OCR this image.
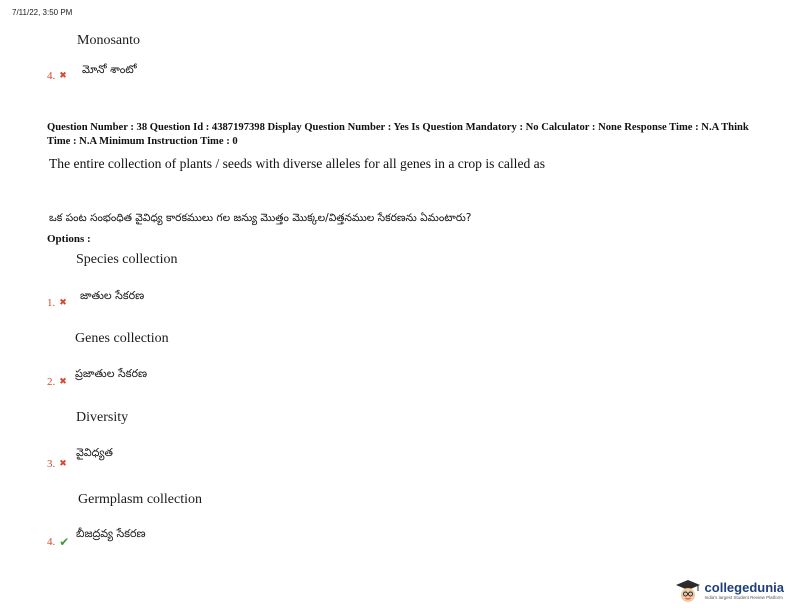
7/11/22, 3:50 PM
Monosanto
4. ✖ మోనో శాంటో
Question Number : 38 Question Id : 4387197398 Display Question Number : Yes Is Question Mandatory : No Calculator : None Response Time : N.A Think Time : N.A Minimum Instruction Time : 0
The entire collection of plants / seeds with diverse alleles for all genes in a crop is called as
ఒక పంట సంభంధిత వైవిధ్య కారకములు గల జన్యు మొత్తం మొక్కల/విత్తనముల సేకరణను ఏమంటారు?
Options :
Species collection
జాతుల సేకరణ
1. ✖
Genes collection
ప్రజాతుల సేకరణ
2. ✖
Diversity
వైవిధ్యత
3. ✖
Germplasm collection
బీజద్రవ్య సేకరణ
4. ✔
collegedunia
India's largest Student Review Platform
